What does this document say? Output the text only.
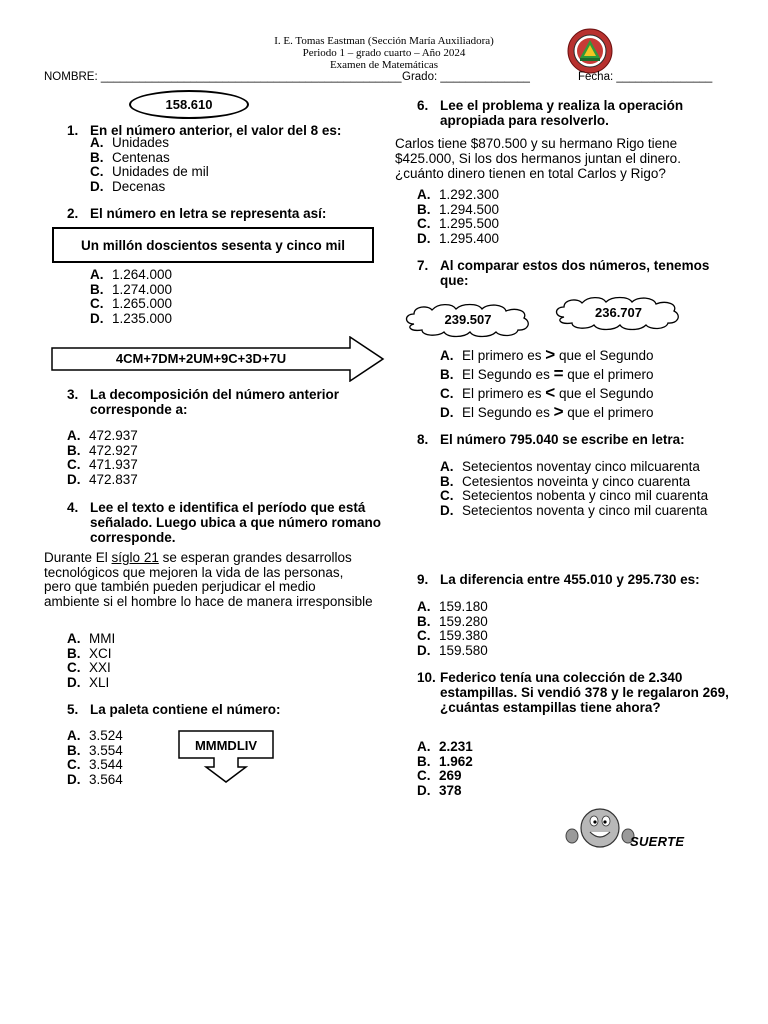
I. E. Tomas Eastman (Sección María Auxiliadora)
Periodo 1 – grado cuarto – Año 2024
Examen de Matemáticas
NOMBRE: _______________________________________________ Grado: ______________	Fecha: _______________
158.610
1. En el número anterior, el valor del 8 es:
A. Unidades
B. Centenas
C. Unidades de mil
D. Decenas
2. El número en letra se representa así:
Un millón doscientos sesenta y cinco mil
A. 1.264.000
B. 1.274.000
C. 1.265.000
D. 1.235.000
4CM+7DM+2UM+9C+3D+7U
3. La decomposición del número anterior corresponde a:
A. 472.937
B. 472.927
C. 471.937
D. 472.837
4. Lee el texto e identifica el período que está señalado. Luego ubica a que número romano corresponde.
Durante El síglo 21 se esperan grandes desarrollos tecnológicos que mejoren la vida de las personas, pero que también pueden perjudicar el medio ambiente si el hombre lo hace de manera irresponsible
A. MMI
B. XCI
C. XXI
D. XLI
5. La paleta contiene el número:
A. 3.524
B. 3.554
C. 3.544
D. 3.564
MMMDLIV
6. Lee el problema y realiza la operación apropiada para resolverlo.
Carlos tiene $870.500 y su hermano Rigo tiene $425.000, Si los dos hermanos juntan el dinero. ¿cuánto dinero tienen en total Carlos y Rigo?
A. 1.292.300
B. 1.294.500
C. 1.295.500
D. 1.295.400
7. Al comparar estos dos números, tenemos que:
239.507	236.707
A. El primero es > que el Segundo
B. El Segundo es = que el primero
C. El primero es < que el Segundo
D. El Segundo es > que el primero
8. El número 795.040 se escribe en letra:
A. Setecientos noventay cinco milcuarenta
B. Cetesientos noveinta y cinco cuarenta
C. Setecientos nobenta y cinco mil cuarenta
D. Setecientos noventa y cinco mil cuarenta
9. La diferencia entre 455.010 y 295.730 es:
A. 159.180
B. 159.280
C. 159.380
D. 159.580
10. Federico tenía una colección de 2.340 estampillas. Si vendió 378 y le regalaron 269, ¿cuántas estampillas tiene ahora?
A. 2.231
B. 1.962
C. 269
D. 378
SUERTE
